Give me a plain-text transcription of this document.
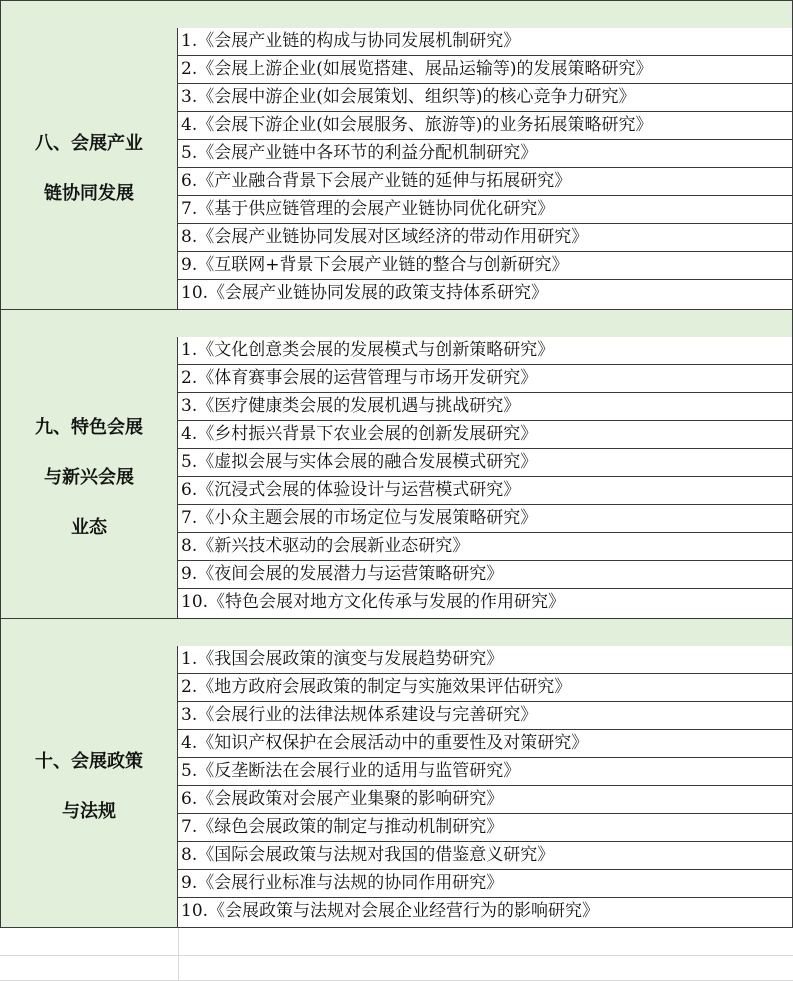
八、会展产业
链协同发展
1.《会展产业链的构成与协同发展机制研究》
2.《会展上游企业(如展览搭建、展品运输等)的发展策略研究》
3.《会展中游企业(如会展策划、组织等)的核心竞争力研究》
4.《会展下游企业(如会展服务、旅游等)的业务拓展策略研究》
5.《会展产业链中各环节的利益分配机制研究》
6.《产业融合背景下会展产业链的延伸与拓展研究》
7.《基于供应链管理的会展产业链协同优化研究》
8.《会展产业链协同发展对区域经济的带动作用研究》
9.《互联网+背景下会展产业链的整合与创新研究》
10.《会展产业链协同发展的政策支持体系研究》
九、特色会展
与新兴会展
业态
1.《文化创意类会展的发展模式与创新策略研究》
2.《体育赛事会展的运营管理与市场开发研究》
3.《医疗健康类会展的发展机遇与挑战研究》
4.《乡村振兴背景下农业会展的创新发展研究》
5.《虚拟会展与实体会展的融合发展模式研究》
6.《沉浸式会展的体验设计与运营模式研究》
7.《小众主题会展的市场定位与发展策略研究》
8.《新兴技术驱动的会展新业态研究》
9.《夜间会展的发展潜力与运营策略研究》
10.《特色会展对地方文化传承与发展的作用研究》
十、会展政策
与法规
1.《我国会展政策的演变与发展趋势研究》
2.《地方政府会展政策的制定与实施效果评估研究》
3.《会展行业的法律法规体系建设与完善研究》
4.《知识产权保护在会展活动中的重要性及对策研究》
5.《反垄断法在会展行业的适用与监管研究》
6.《会展政策对会展产业集聚的影响研究》
7.《绿色会展政策的制定与推动机制研究》
8.《国际会展政策与法规对我国的借鉴意义研究》
9.《会展行业标准与法规的协同作用研究》
10.《会展政策与法规对会展企业经营行为的影响研究》
